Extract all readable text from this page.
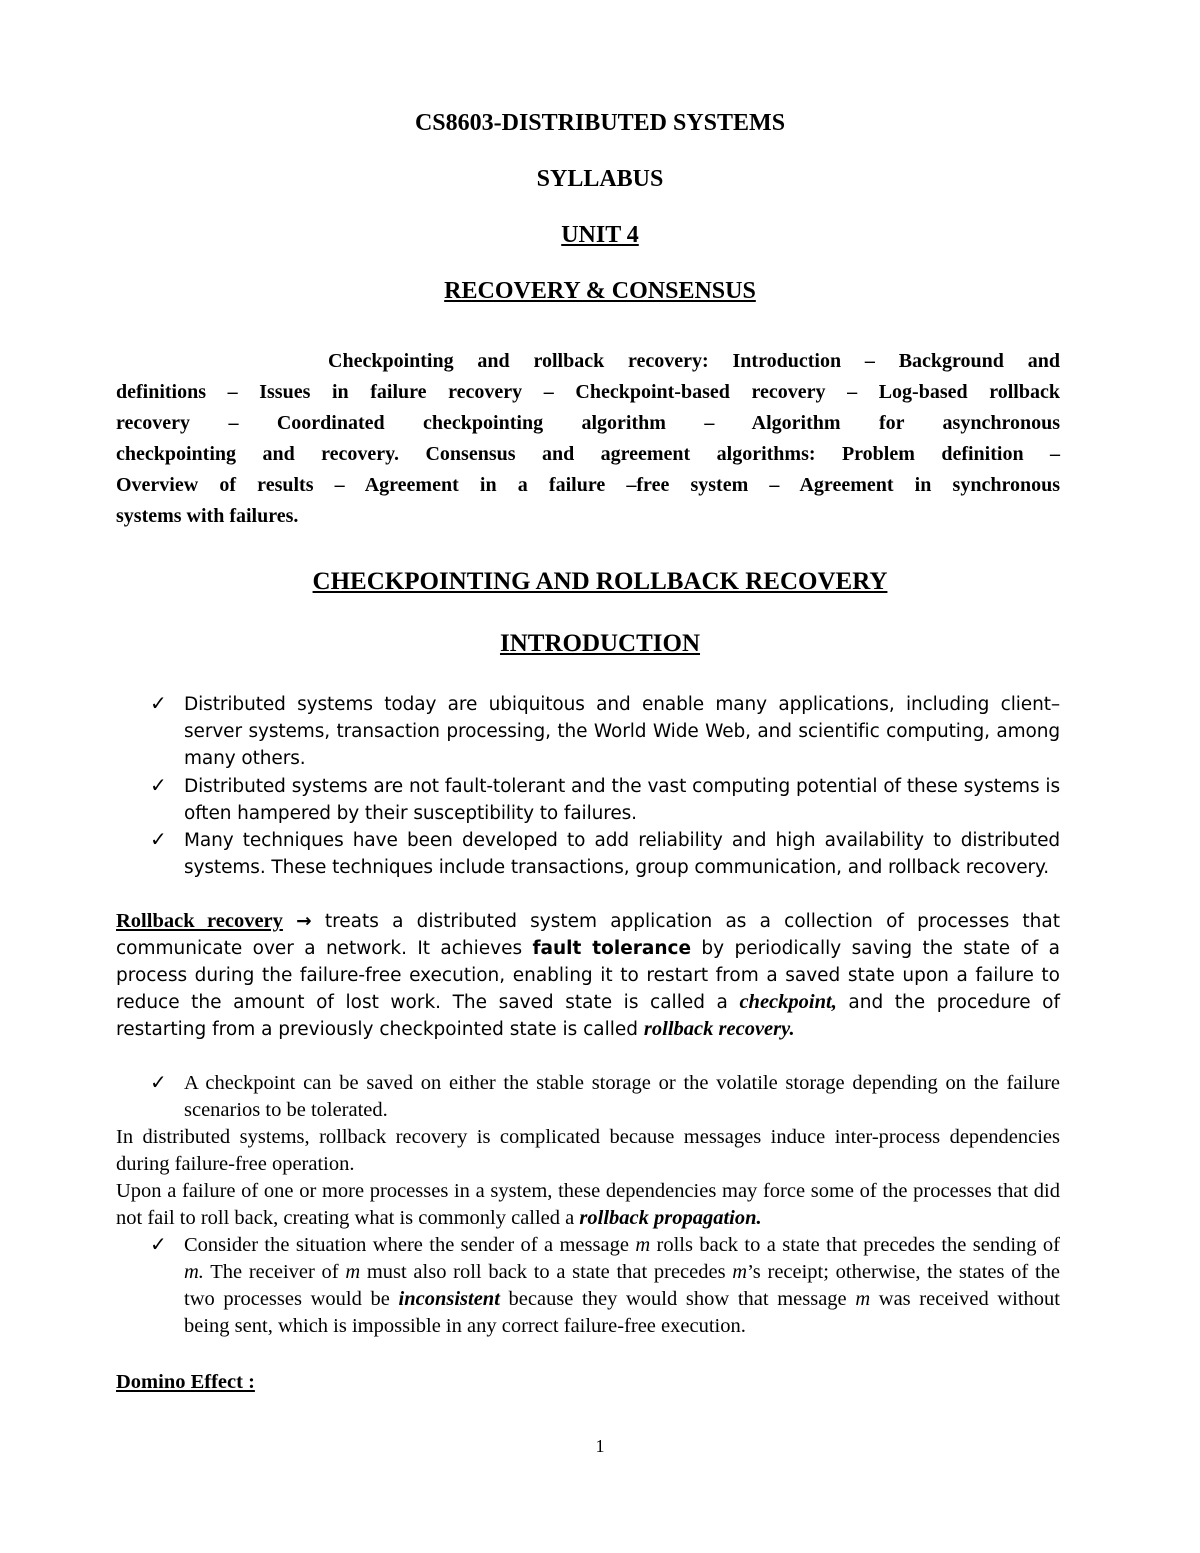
CS8603-DISTRIBUTED SYSTEMS
SYLLABUS
UNIT 4
RECOVERY & CONSENSUS
Checkpointing and rollback recovery: Introduction – Background and
definitions – Issues in failure recovery – Checkpoint-based recovery – Log-based rollback
recovery – Coordinated checkpointing algorithm – Algorithm for asynchronous
checkpointing and recovery. Consensus and agreement algorithms: Problem definition –
Overview of results – Agreement in a failure –free system – Agreement in synchronous
systems with failures.
CHECKPOINTING AND ROLLBACK RECOVERY
INTRODUCTION
✓ Distributed systems today are ubiquitous and enable many applications, including client–server systems, transaction processing, the World Wide Web, and scientific computing, among many others.
✓ Distributed systems are not fault-tolerant and the vast computing potential of these systems is often hampered by their susceptibility to failures.
✓ Many techniques have been developed to add reliability and high availability to distributed systems. These techniques include transactions, group communication, and rollback recovery.
Rollback recovery → treats a distributed system application as a collection of processes that communicate over a network. It achieves fault tolerance by periodically saving the state of a process during the failure-free execution, enabling it to restart from a saved state upon a failure to reduce the amount of lost work. The saved state is called a checkpoint, and the procedure of restarting from a previously checkpointed state is called rollback recovery.
✓ A checkpoint can be saved on either the stable storage or the volatile storage depending on the failure scenarios to be tolerated.
In distributed systems, rollback recovery is complicated because messages induce inter-process dependencies during failure-free operation.
Upon a failure of one or more processes in a system, these dependencies may force some of the processes that did not fail to roll back, creating what is commonly called a rollback propagation.
✓ Consider the situation where the sender of a message m rolls back to a state that precedes the sending of m. The receiver of m must also roll back to a state that precedes m’s receipt; otherwise, the states of the two processes would be inconsistent because they would show that message m was received without being sent, which is impossible in any correct failure-free execution.
Domino Effect :
1
